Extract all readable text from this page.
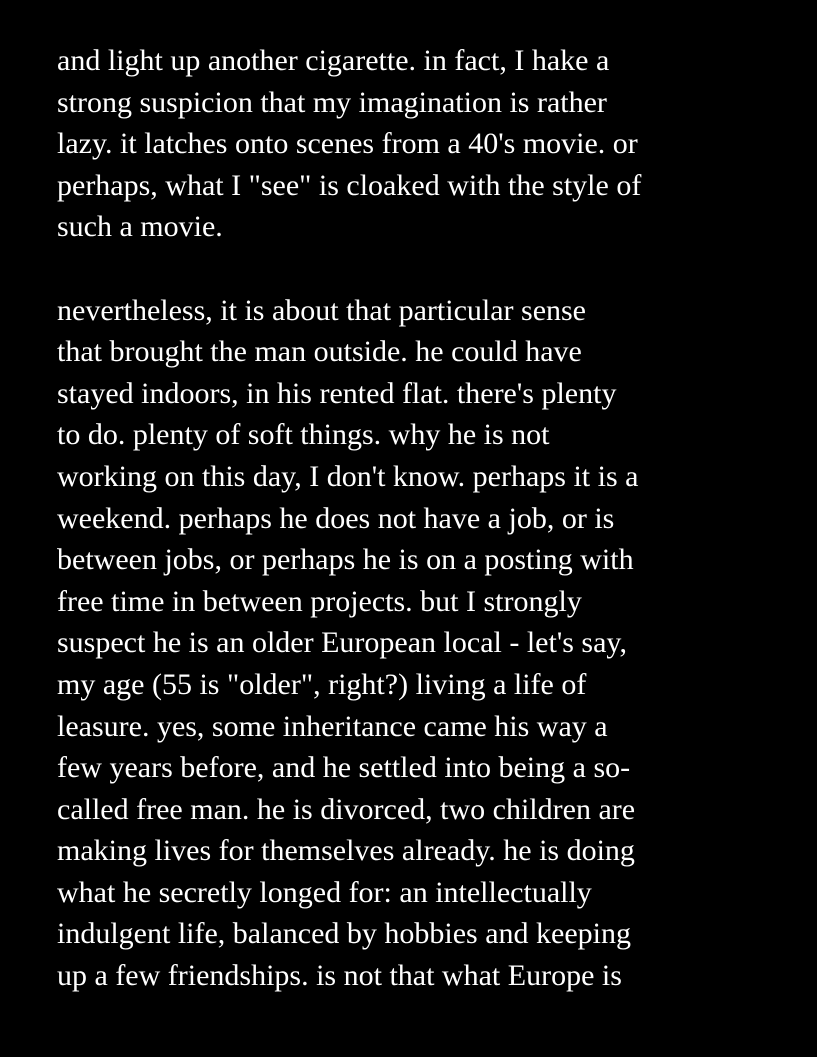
and light up another cigarette. in fact, I hake a
strong suspicion that my imagination is rather
lazy. it latches onto scenes from a 40's movie. or
perhaps, what I "see" is cloaked with the style of
such a movie.
nevertheless, it is about that particular sense
that brought the man outside. he could have
stayed indoors, in his rented flat. there's plenty
to do. plenty of soft things. why he is not
working on this day, I don't know. perhaps it is a
weekend. perhaps he does not have a job, or is
between jobs, or perhaps he is on a posting with
free time in between projects. but I strongly
suspect he is an older European local - let's say,
my age (55 is "older", right?) living a life of
leasure. yes, some inheritance came his way a
few years before, and he settled into being a so-
called free man. he is divorced, two children are
making lives for themselves already. he is doing
what he secretly longed for: an intellectually
indulgent life, balanced by hobbies and keeping
up a few friendships. is not that what Europe is
